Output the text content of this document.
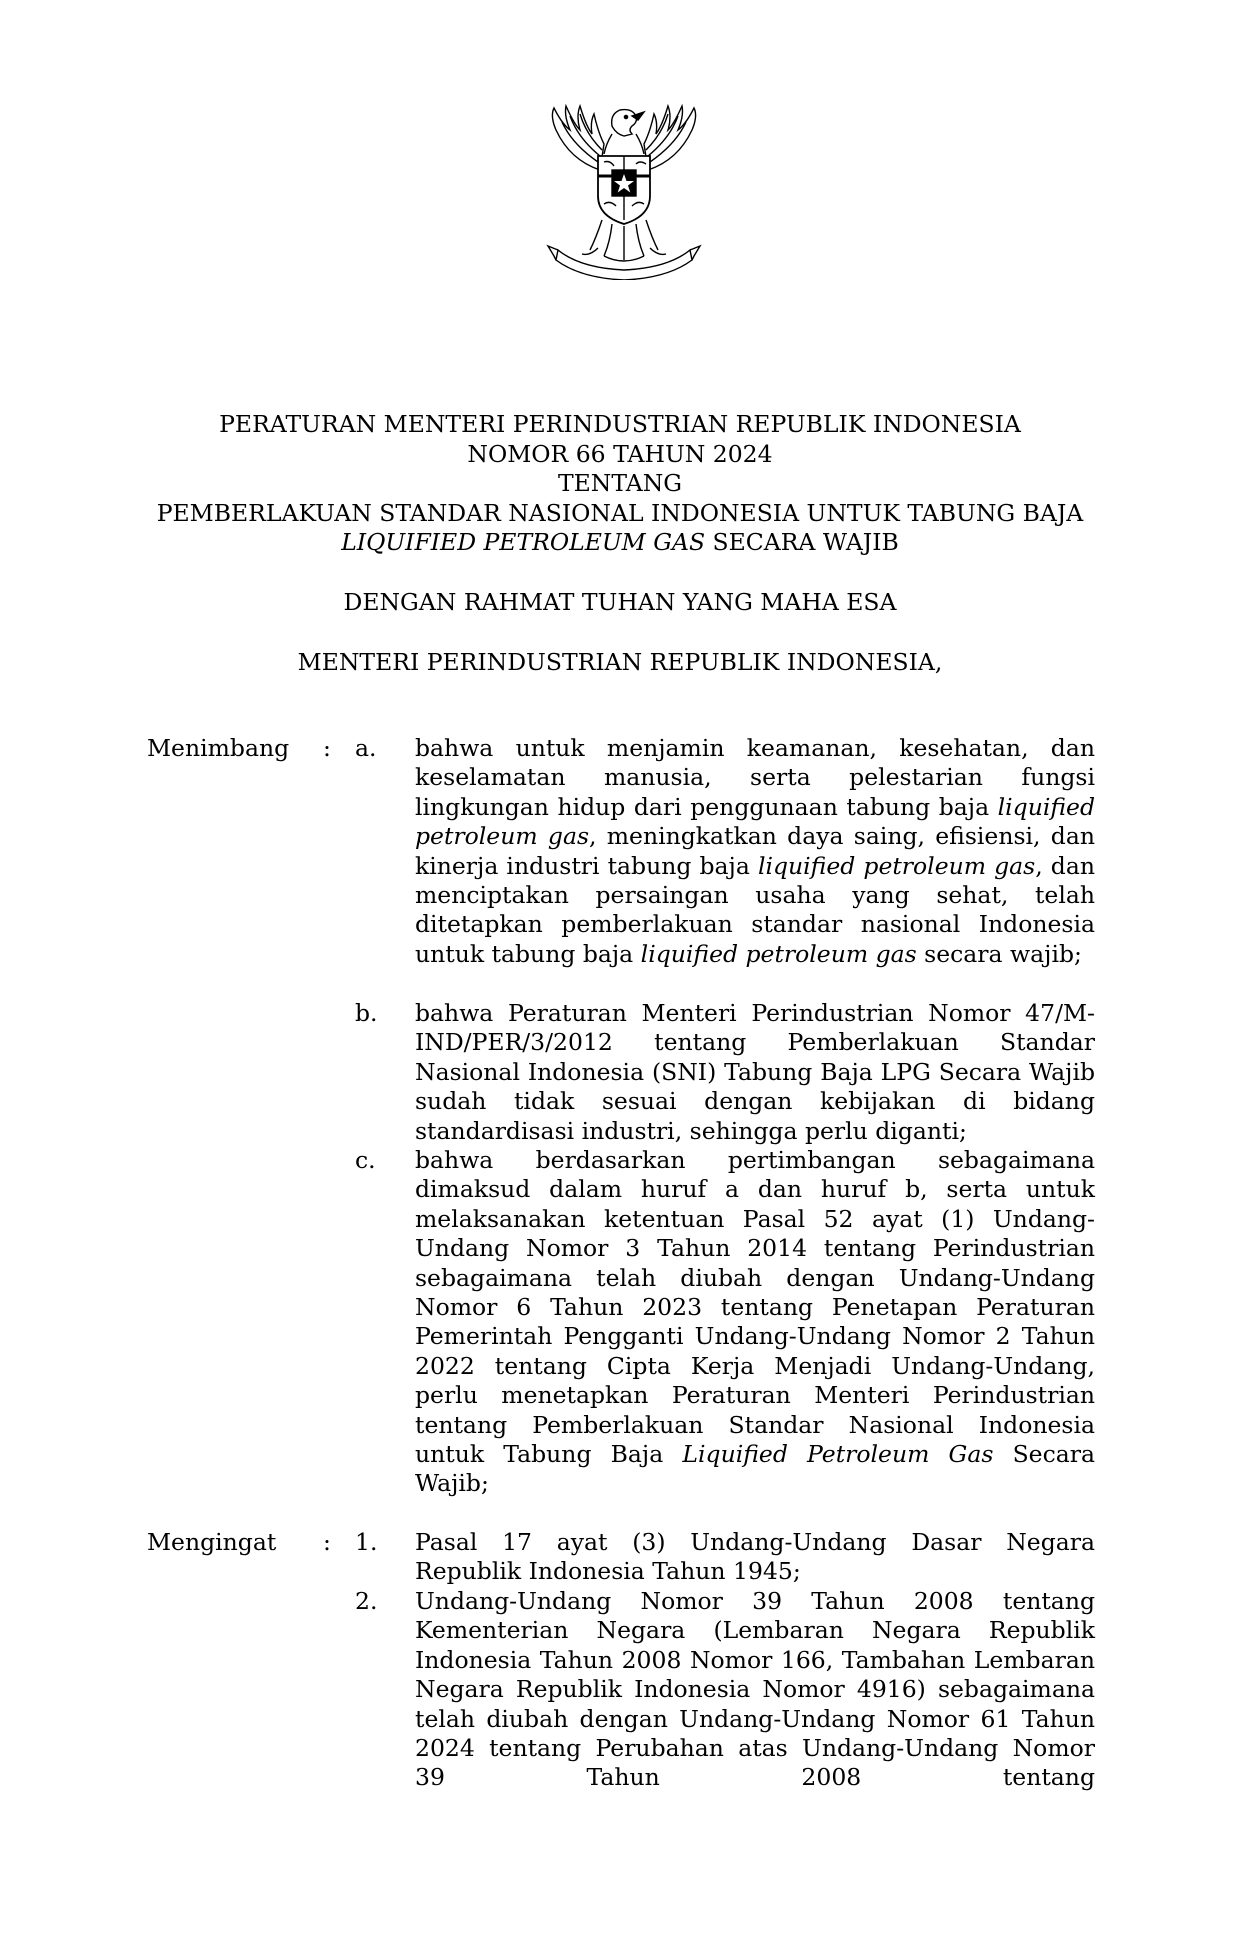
PERATURAN MENTERI PERINDUSTRIAN REPUBLIK INDONESIA
NOMOR 66 TAHUN 2024
TENTANG
PEMBERLAKUAN STANDAR NASIONAL INDONESIA UNTUK TABUNG BAJA
LIQUIFIED PETROLEUM GAS SECARA WAJIB
DENGAN RAHMAT TUHAN YANG MAHA ESA
MENTERI PERINDUSTRIAN REPUBLIK INDONESIA,
Menimbang : a.	bahwa untuk menjamin keamanan, kesehatan, dan keselamatan manusia, serta pelestarian fungsi lingkungan hidup dari penggunaan tabung baja liquified petroleum gas, meningkatkan daya saing, efisiensi, dan kinerja industri tabung baja liquified petroleum gas, dan menciptakan persaingan usaha yang sehat, telah ditetapkan pemberlakuan standar nasional Indonesia untuk tabung baja liquified petroleum gas secara wajib;
b.	bahwa Peraturan Menteri Perindustrian Nomor 47/M-IND/PER/3/2012 tentang Pemberlakuan Standar Nasional Indonesia (SNI) Tabung Baja LPG Secara Wajib sudah tidak sesuai dengan kebijakan di bidang standardisasi industri, sehingga perlu diganti;
c.	bahwa berdasarkan pertimbangan sebagaimana dimaksud dalam huruf a dan huruf b, serta untuk melaksanakan ketentuan Pasal 52 ayat (1) Undang-Undang Nomor 3 Tahun 2014 tentang Perindustrian sebagaimana telah diubah dengan Undang-Undang Nomor 6 Tahun 2023 tentang Penetapan Peraturan Pemerintah Pengganti Undang-Undang Nomor 2 Tahun 2022 tentang Cipta Kerja Menjadi Undang-Undang, perlu menetapkan Peraturan Menteri Perindustrian tentang Pemberlakuan Standar Nasional Indonesia untuk Tabung Baja Liquified Petroleum Gas Secara Wajib;
Mengingat : 1.	Pasal 17 ayat (3) Undang-Undang Dasar Negara Republik Indonesia Tahun 1945;
2.	Undang-Undang Nomor 39 Tahun 2008 tentang Kementerian Negara (Lembaran Negara Republik Indonesia Tahun 2008 Nomor 166, Tambahan Lembaran Negara Republik Indonesia Nomor 4916) sebagaimana telah diubah dengan Undang-Undang Nomor 61 Tahun 2024 tentang Perubahan atas Undang-Undang Nomor 39 Tahun 2008 tentang
